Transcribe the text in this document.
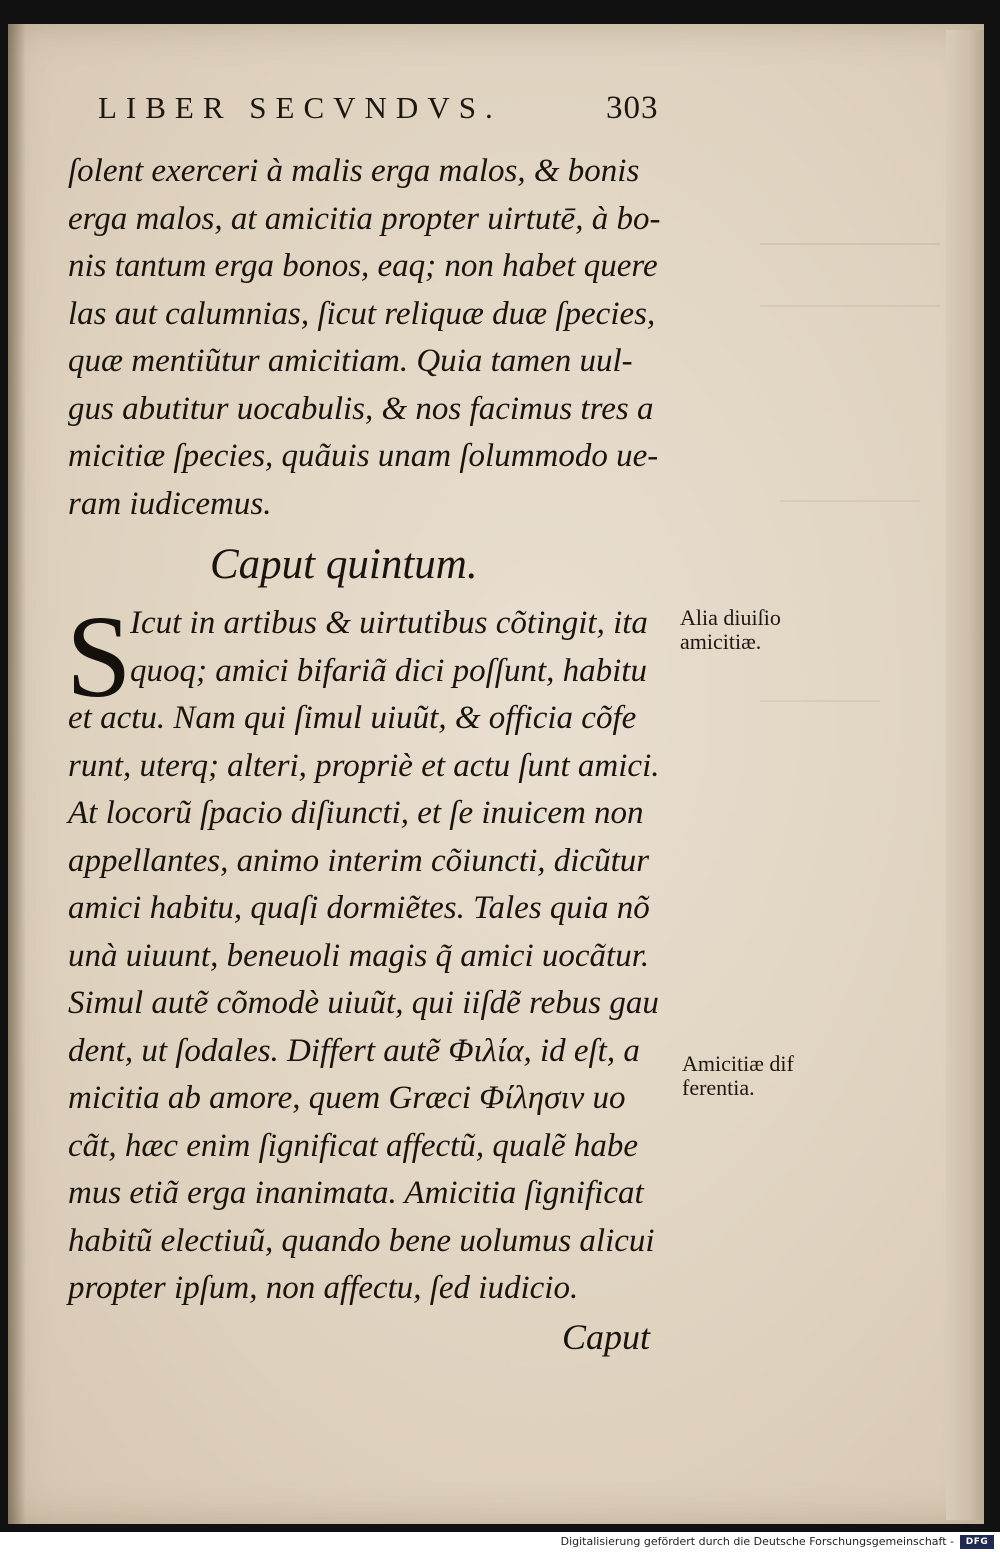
LIBER SECVNDVS.	303
ſolent exerceri à malis erga malos, & bonis
erga malos, at amicitia propter uirtutē, à bo-
nis tantum erga bonos, eaq; non habet quere
las aut calumnias, ſicut reliquæ duæ ſpecies,
quæ mentiũtur amicitiam. Quia tamen uul-
gus abutitur uocabulis, & nos facimus tres a
micitiæ ſpecies, quãuis unam ſolummodo ue-
ram iudicemus.
Caput quintum.
S
Icut in artibus & uirtutibus cõtingit, ita
quoq; amici bifariã dici poſſunt, habitu
et actu. Nam qui ſimul uiuũt, & officia cõfe
runt, uterq; alteri, propriè et actu ſunt amici.
At locorũ ſpacio diſiuncti, et ſe inuicem non
appellantes, animo interim cõiuncti, dicũtur
amici habitu, quaſi dormiẽtes. Tales quia nõ
unà uiuunt, beneuoli magis q̃ amici uocãtur.
Simul autẽ cõmodè uiuũt, qui iiſdẽ rebus gau
dent, ut ſodales. Differt autẽ Φιλία, id eſt, a
micitia ab amore, quem Græci Φίλησιν uo
cãt, hæc enim ſignificat affectũ, qualẽ habe
mus etiã erga inanimata. Amicitia ſignificat
habitũ electiuũ, quando bene uolumus alicui
propter ipſum, non affectu, ſed iudicio.
Caput
Alia diuiſio
amicitiæ.
Amicitiæ dif
ferentia.
Digitalisierung gefördert durch die Deutsche Forschungsgemeinschaft -	DFG
